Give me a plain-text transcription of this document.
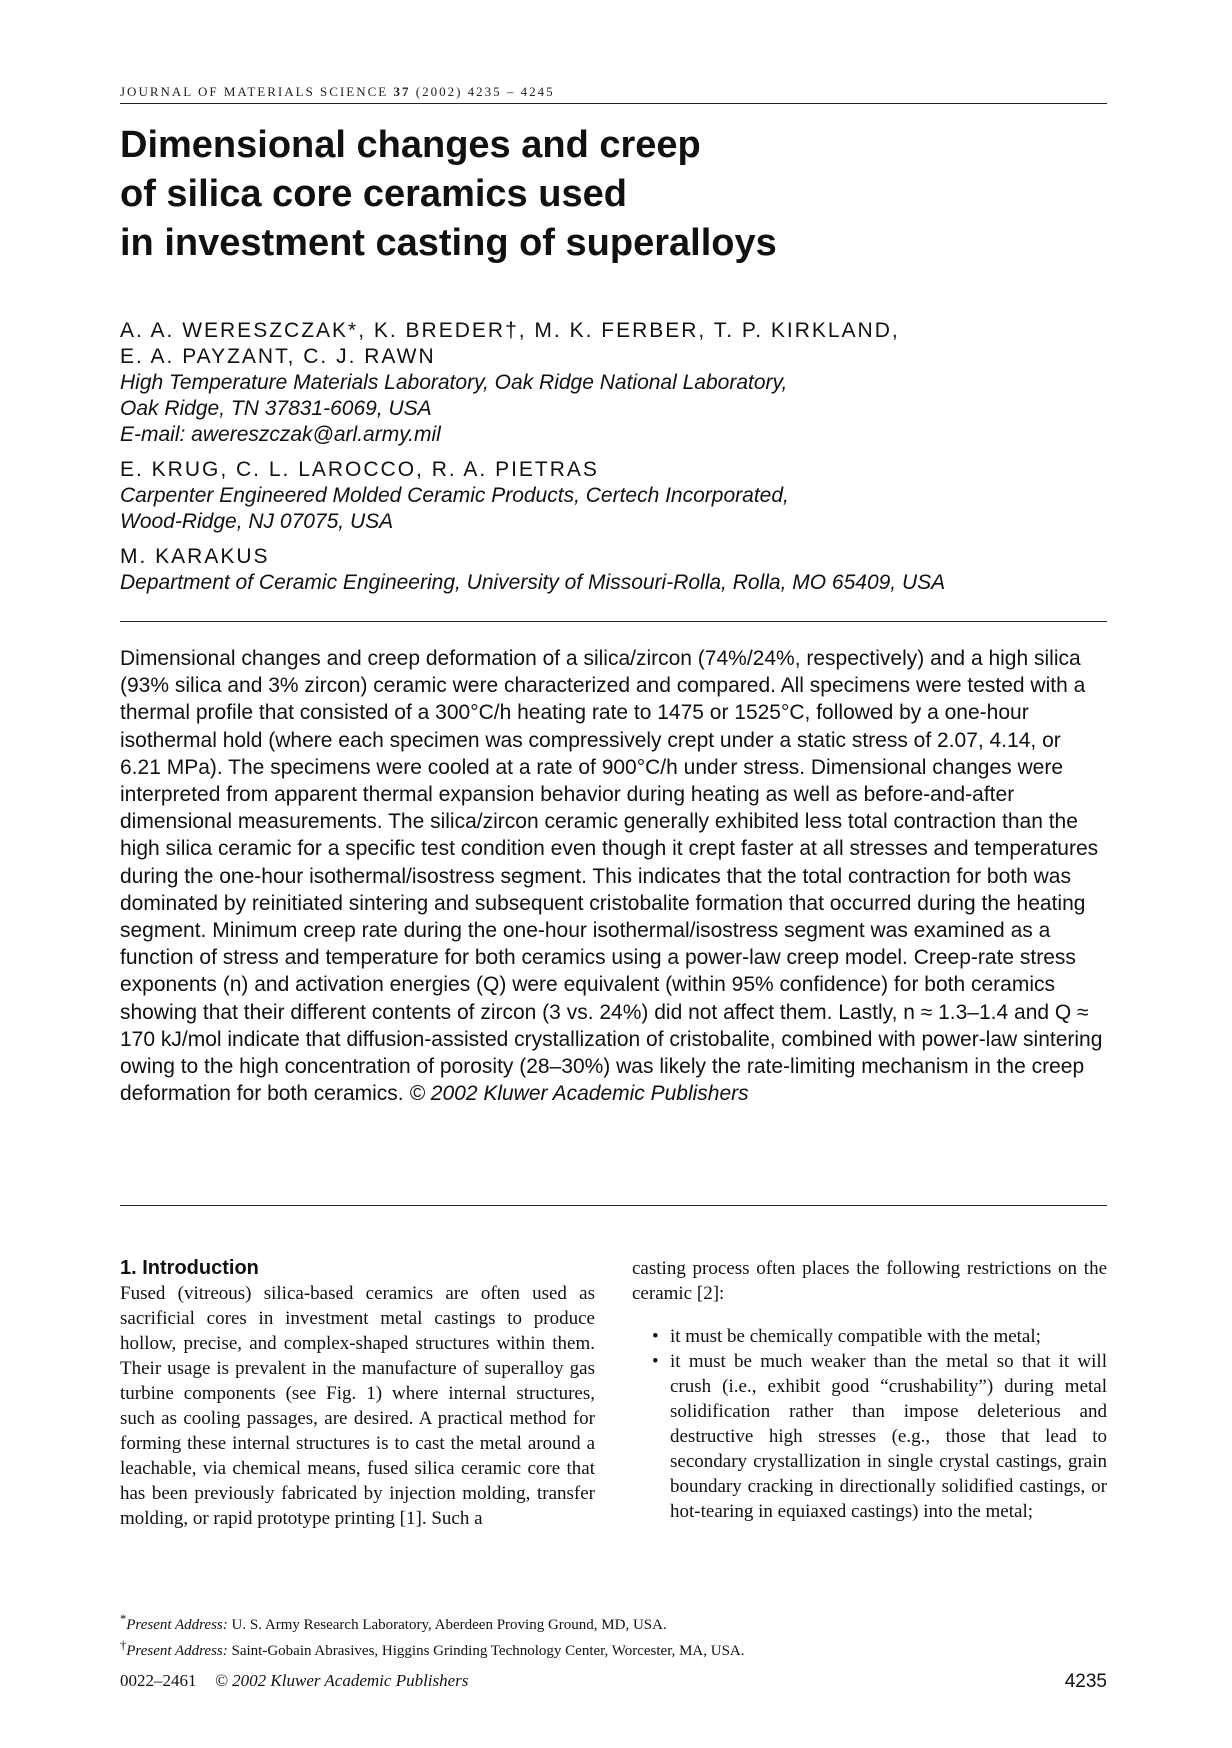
JOURNAL OF MATERIALS SCIENCE 37 (2002) 4235 – 4245
Dimensional changes and creep
of silica core ceramics used
in investment casting of superalloys
A. A. WERESZCZAK*, K. BREDER†, M. K. FERBER, T. P. KIRKLAND,
E. A. PAYZANT, C. J. RAWN
High Temperature Materials Laboratory, Oak Ridge National Laboratory,
Oak Ridge, TN 37831-6069, USA
E-mail: awereszczak@arl.army.mil
E. KRUG, C. L. LAROCCO, R. A. PIETRAS
Carpenter Engineered Molded Ceramic Products, Certech Incorporated,
Wood-Ridge, NJ 07075, USA
M. KARAKUS
Department of Ceramic Engineering, University of Missouri-Rolla, Rolla, MO 65409, USA

Dimensional changes and creep deformation of a silica/zircon (74%/24%, respectively) and a high silica (93% silica and 3% zircon) ceramic were characterized and compared. All specimens were tested with a thermal profile that consisted of a 300°C/h heating rate to 1475 or 1525°C, followed by a one-hour isothermal hold (where each specimen was compressively crept under a static stress of 2.07, 4.14, or 6.21 MPa). The specimens were cooled at a rate of 900°C/h under stress. Dimensional changes were interpreted from apparent thermal expansion behavior during heating as well as before-and-after dimensional measurements. The silica/zircon ceramic generally exhibited less total contraction than the high silica ceramic for a specific test condition even though it crept faster at all stresses and temperatures during the one-hour isothermal/isostress segment. This indicates that the total contraction for both was dominated by reinitiated sintering and subsequent cristobalite formation that occurred during the heating segment. Minimum creep rate during the one-hour isothermal/isostress segment was examined as a function of stress and temperature for both ceramics using a power-law creep model. Creep-rate stress exponents (n) and activation energies (Q) were equivalent (within 95% confidence) for both ceramics showing that their different contents of zircon (3 vs. 24%) did not affect them. Lastly, n ≈ 1.3–1.4 and Q ≈ 170 kJ/mol indicate that diffusion-assisted crystallization of cristobalite, combined with power-law sintering owing to the high concentration of porosity (28–30%) was likely the rate-limiting mechanism in the creep deformation for both ceramics. © 2002 Kluwer Academic Publishers

1. Introduction

Fused (vitreous) silica-based ceramics are often used as sacrificial cores in investment metal castings to produce hollow, precise, and complex-shaped structures within them. Their usage is prevalent in the manufacture of superalloy gas turbine components (see Fig. 1) where internal structures, such as cooling passages, are desired. A practical method for forming these internal structures is to cast the metal around a leachable, via chemical means, fused silica ceramic core that has been previously fabricated by injection molding, transfer molding, or rapid prototype printing [1]. Such a

casting process often places the following restrictions on the ceramic [2]:

• it must be chemically compatible with the metal;
• it must be much weaker than the metal so that it will crush (i.e., exhibit good “crushability”) during metal solidification rather than impose deleterious and destructive high stresses (e.g., those that lead to secondary crystallization in single crystal castings, grain boundary cracking in directionally solidified castings, or hot-tearing in equiaxed castings) into the metal;
*Present Address: U. S. Army Research Laboratory, Aberdeen Proving Ground, MD, USA.
†Present Address: Saint-Gobain Abrasives, Higgins Grinding Technology Center, Worcester, MA, USA.
0022–2461 © 2002 Kluwer Academic Publishers	4235
